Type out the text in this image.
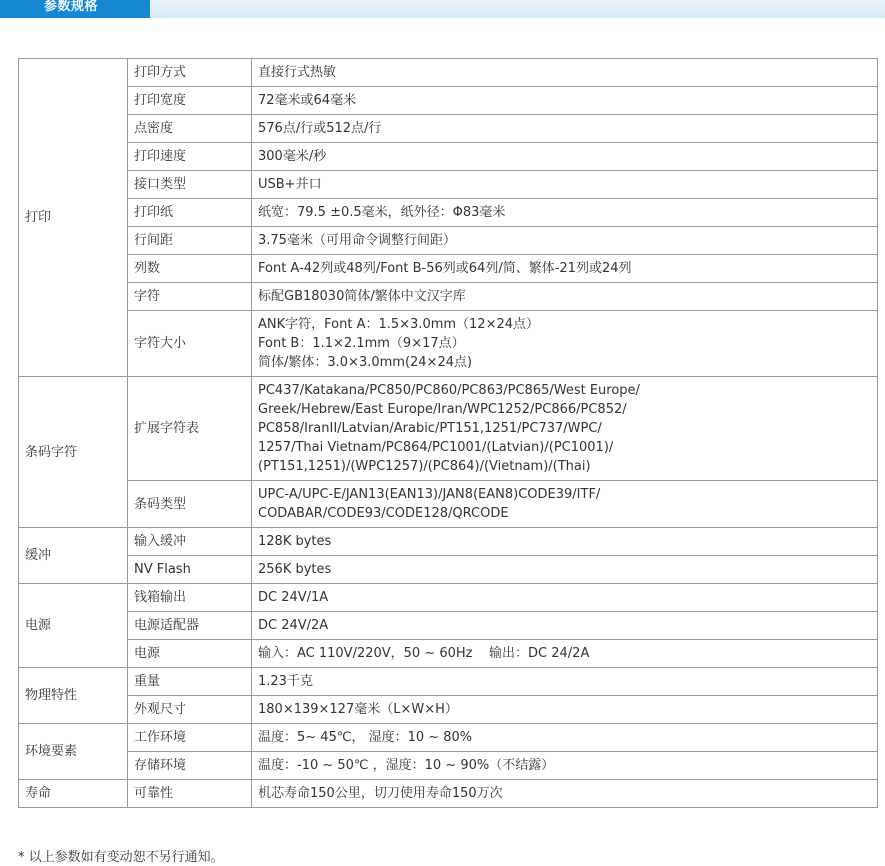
参数规格
打印	打印方式	直接行式热敏
	打印宽度	72毫米或64毫米
	点密度	576点/行或512点/行
	打印速度	300毫米/秒
	接口类型	USB+并口
	打印纸	纸宽：79.5 ±0.5毫米，纸外径：Φ83毫米
	行间距	3.75毫米（可用命令调整行间距）
	列数	Font A-42列或48列/Font B-56列或64列/简、繁体-21列或24列
	字符	标配GB18030简体/繁体中文汉字库
	字符大小	ANK字符，Font A：1.5×3.0mm（12×24点）
Font B：1.1×2.1mm（9×17点）
简体/繁体：3.0×3.0mm(24×24点)

条码字符	扩展字符表	PC437/Katakana/PC850/PC860/PC863/PC865/West Europe/
Greek/Hebrew/East Europe/Iran/WPC1252/PC866/PC852/
PC858/IranII/Latvian/Arabic/PT151,1251/PC737/WPC/
1257/Thai Vietnam/PC864/PC1001/(Latvian)/(PC1001)/
(PT151,1251)/(WPC1257)/(PC864)/(Vietnam)/(Thai)

	条码类型	UPC-A/UPC-E/JAN13(EAN13)/JAN8(EAN8)CODE39/ITF/
CODABAR/CODE93/CODE128/QRCODE

缓冲	输入缓冲	128K bytes
	NV Flash	256K bytes
电源	钱箱输出	DC 24V/1A
	电源适配器	DC 24V/2A
	电源	输入：AC 110V/220V，50 ~ 60Hz    输出：DC 24/2A
物理特性	重量	1.23千克
	外观尺寸	180×139×127毫米（L×W×H）
环境要素	工作环境	温度：5~ 45℃， 湿度：10 ~ 80%
	存储环境	温度：-10 ~ 50℃ ，湿度：10 ~ 90%（不结露）
寿命	可靠性	机芯寿命150公里，切刀使用寿命150万次
* 以上参数如有变动恕不另行通知。
